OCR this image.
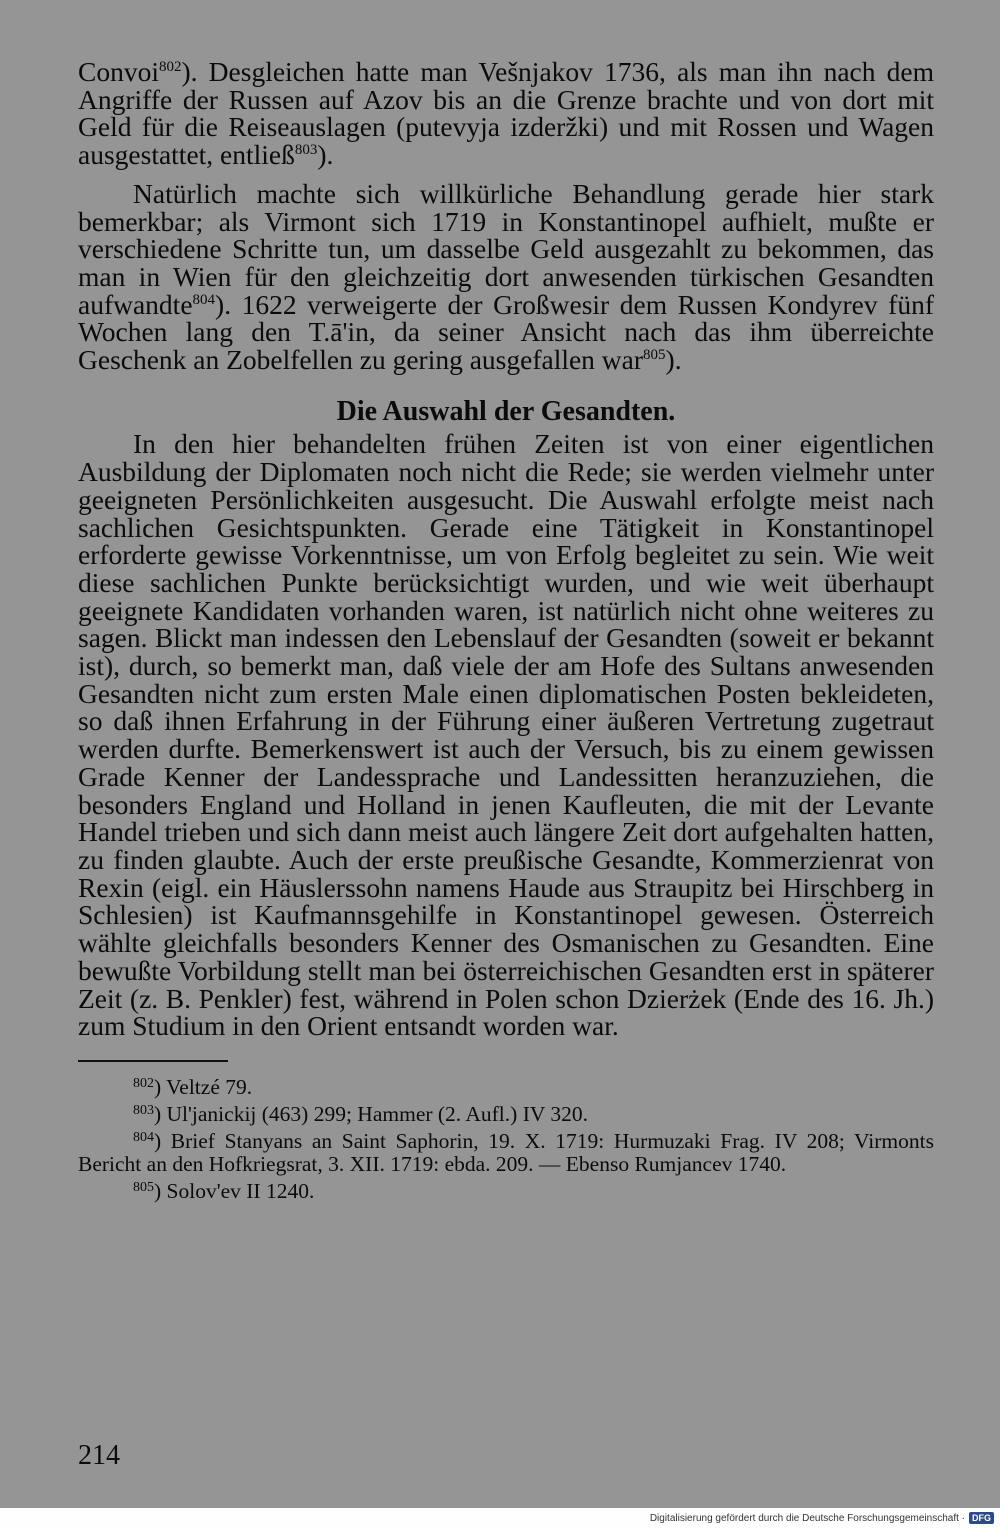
Convoi$^{802}$). Desgleichen hatte man Vešnjakov 1736, als man ihn nach dem Angriffe der Russen auf Azov bis an die Grenze brachte und von dort mit Geld für die Reiseauslagen (putevyja izderžki) und mit Rossen und Wagen ausgestattet, entließ$^{803}$).

Natürlich machte sich willkürliche Behandlung gerade hier stark bemerkbar; als Virmont sich 1719 in Konstantinopel aufhielt, mußte er verschiedene Schritte tun, um dasselbe Geld ausgezahlt zu bekommen, das man in Wien für den gleichzeitig dort anwesenden türkischen Gesandten aufwandte$^{804}$). 1622 verweigerte der Großwesir dem Russen Kondyrev fünf Wochen lang den T.ā'in, da seiner Ansicht nach das ihm überreichte Geschenk an Zobelfellen zu gering ausgefallen war$^{805}$).

Die Auswahl der Gesandten.

In den hier behandelten frühen Zeiten ist von einer eigentlichen Ausbildung der Diplomaten noch nicht die Rede; sie werden vielmehr unter geeigneten Persönlichkeiten ausgesucht. Die Auswahl erfolgte meist nach sachlichen Gesichtspunkten. Gerade eine Tätigkeit in Konstantinopel erforderte gewisse Vorkenntnisse, um von Erfolg begleitet zu sein. Wie weit diese sachlichen Punkte berücksichtigt wurden, und wie weit überhaupt geeignete Kandidaten vorhanden waren, ist natürlich nicht ohne weiteres zu sagen. Blickt man indessen den Lebenslauf der Gesandten (soweit er bekannt ist), durch, so bemerkt man, daß viele der am Hofe des Sultans anwesenden Gesandten nicht zum ersten Male einen diplomatischen Posten bekleideten, so daß ihnen Erfahrung in der Führung einer äußeren Vertretung zugetraut werden durfte. Bemerkenswert ist auch der Versuch, bis zu einem gewissen Grade Kenner der Landessprache und Landessitten heranzuziehen, die besonders England und Holland in jenen Kaufleuten, die mit der Levante Handel trieben und sich dann meist auch längere Zeit dort aufgehalten hatten, zu finden glaubte. Auch der erste preußische Gesandte, Kommerzienrat von Rexin (eigl. ein Häuslerssohn namens Haude aus Straupitz bei Hirschberg in Schlesien) ist Kaufmannsgehilfe in Konstantinopel gewesen. Österreich wählte gleichfalls besonders Kenner des Osmanischen zu Gesandten. Eine bewußte Vorbildung stellt man bei österreichischen Gesandten erst in späterer Zeit (z. B. Penkler) fest, während in Polen schon Dzierżek (Ende des 16. Jh.) zum Studium in den Orient entsandt worden war.

$^{802}$) Veltzé 79.

$^{803}$) Ul'janickij (463) 299; Hammer (2. Aufl.) IV 320.

$^{804}$) Brief Stanyans an Saint Saphorin, 19. X. 1719: Hurmuzaki Frag. IV 208; Virmonts Bericht an den Hofkriegsrat, 3. XII. 1719: ebda. 209. — Ebenso Rumjancev 1740.

$^{805}$) Solov'ev II 1240.

214
Digitalisierung gefördert durch die Deutsche Forschungsgemeinschaft · DFG
